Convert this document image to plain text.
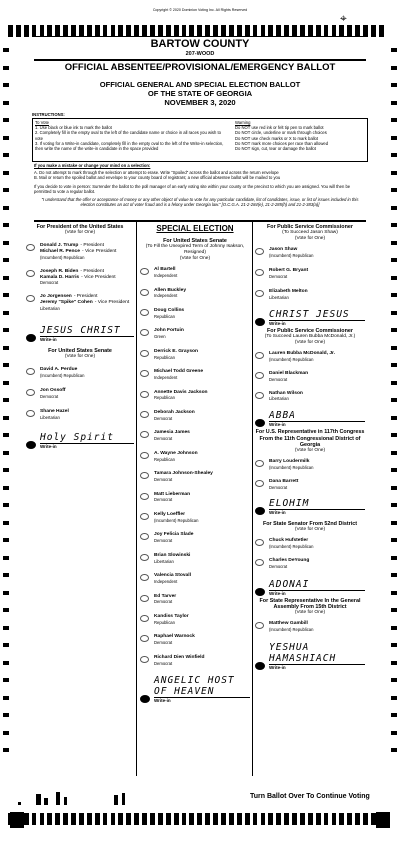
Copyright © 2020 Dominion Voting Inc. All Rights Reserved
⌖
BARTOW COUNTY
207-WOOD
OFFICIAL ABSENTEE/PROVISIONAL/EMERGENCY BALLOT
OFFICIAL GENERAL AND SPECIAL ELECTION BALLOT
OF THE STATE OF GEORGIA
NOVEMBER 3, 2020
INSTRUCTIONS:
To Vote
1. Use black or blue ink to mark the ballot
2. Completely fill in the empty oval to the left of the candidate name or choice in all races you wish to vote
3. If voting for a Write-in candidate, completely fill in the empty oval to the left of the Write-in selection, then write the name of the write-in candidate in the space provided
Warning
Do NOT use red ink or felt tip pen to mark ballot
Do NOT circle, underline or mark through choices
Do NOT use check marks or X to mark ballot
Do NOT mark more choices per race than allowed
Do NOT sign, cut, tear or damage the ballot
If you make a mistake or change your mind on a selection:
A. Do not attempt to mark through the selection or attempt to erase. Write "Spoiled" across the ballot and across the return envelope
B. Mail or return the spoiled ballot and envelope to your county board of registrars; a new official absentee ballot will be mailed to you
If you decide to vote in person: Surrender the ballot to the poll manager of an early voting site within your county or the precinct to which you are assigned. You will then be permitted to vote a regular ballot.
"I understand that the offer or acceptance of money or any other object of value to vote for any particular candidate, list of candidates, issue, or list of issues included in this election constitutes an act of voter fraud and is a felony under Georgia law." [O.C.G.A. 21-2-284(e), 21-2-285(h) and 21-2-383(a)]
For President of the United States
(Vote for One)
Donald J. Trump - President
Michael R. Pence - Vice President
(Incumbent) Republican
Joseph R. Biden - President
Kamala D. Harris - Vice President
Democrat
Jo Jorgensen - President
Jeremy "Spike" Cohen - Vice President
Libertarian
JESUS CHRIST
Write-in
For United States Senate
(Vote for One)
David A. Perdue
(Incumbent) Republican
Jon Ossoff
Democrat
Shane Hazel
Libertarian
Holy Spirit
Write-in
SPECIAL ELECTION
For United States Senate
(To Fill the Unexpired Term of Johnny Isakson, Resigned)
(Vote for One)
Al Bartell
Independent
Allen Buckley
Independent
Doug Collins
Republican
John Fortuin
Green
Derrick E. Grayson
Republican
Michael Todd Greene
Independent
Annette Davis Jackson
Republican
Deborah Jackson
Democrat
Jamesia James
Democrat
A. Wayne Johnson
Republican
Tamara Johnson-Shealey
Democrat
Matt Lieberman
Democrat
Kelly Loeffler
(Incumbent) Republican
Joy Felicia Slade
Democrat
Brian Slowinski
Libertarian
Valencia Stovall
Independent
Ed Tarver
Democrat
Kandiss Taylor
Republican
Raphael Warnock
Democrat
Richard Dien Winfield
Democrat
ANGELIC HOST OF HEAVEN
Write-in
For Public Service Commissioner
(To Succeed Jason Shaw)
(Vote for One)
Jason Shaw
(Incumbent) Republican
Robert G. Bryant
Democrat
Elizabeth Melton
Libertarian
CHRIST JESUS
Write-in
For Public Service Commissioner
(To Succeed Lauren Bubba McDonald, Jr.)
(Vote for One)
Lauren Bubba McDonald, Jr.
(Incumbent) Republican
Daniel Blackman
Democrat
Nathan Wilson
Libertarian
ABBA
Write-in
For U.S. Representative in 117th Congress From the 11th Congressional District of Georgia
(Vote for One)
Barry Loudermilk
(Incumbent) Republican
Dana Barrett
Democrat
ELOHIM
Write-in
For State Senator From 52nd District
(Vote for One)
Chuck Hufstetler
(Incumbent) Republican
Charles DeYoung
Democrat
ADONAI
Write-in
For State Representative In the General Assembly From 15th District
(Vote for One)
Matthew Gambill
(Incumbent) Republican
YESHUA HAMASHIACH
Write-in
Turn Ballot Over To Continue Voting
